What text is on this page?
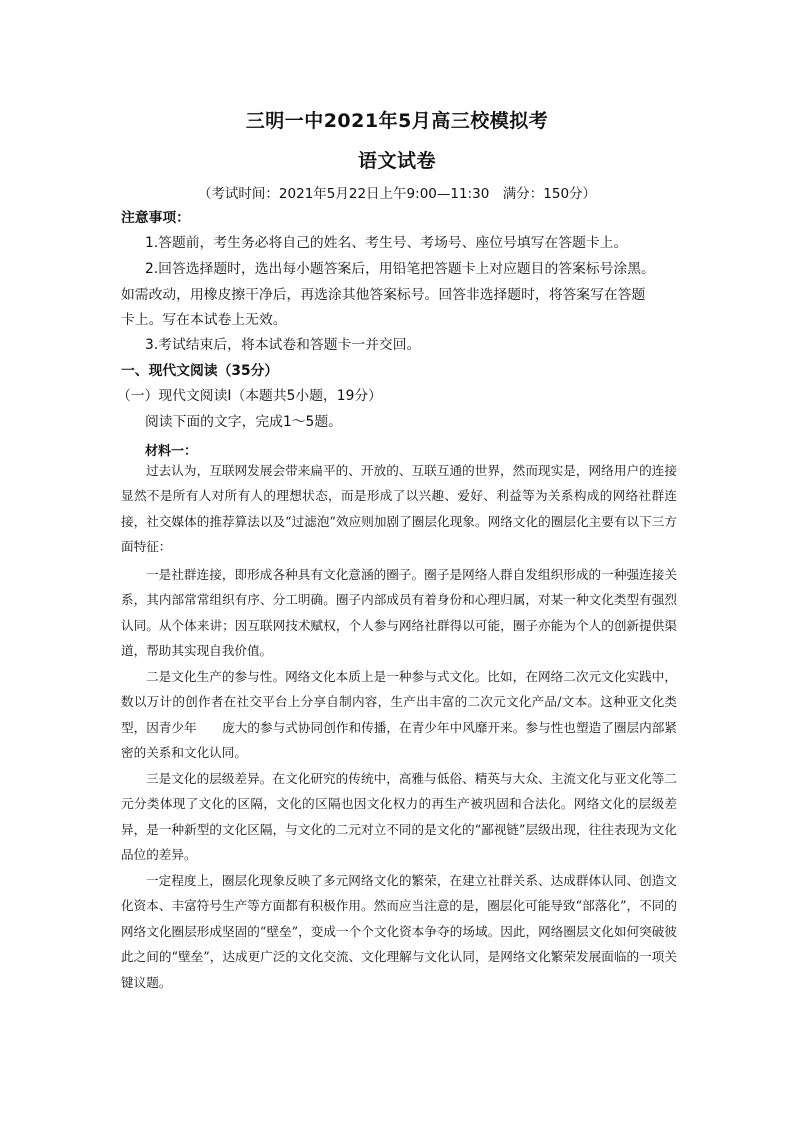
三明一中2021年5月高三校模拟考
语文试卷
（考试时间：2021年5月22日上午9:00—11:30　满分：150分）
注意事项：
1.答题前，考生务必将自己的姓名、考生号、考场号、座位号填写在答题卡上。
2.回答选择题时，选出每小题答案后，用铅笔把答题卡上对应题目的答案标号涂黑。
如需改动，用橡皮擦干净后，再选涂其他答案标号。回答非选择题时，将答案写在答题
卡上。写在本试卷上无效。
3.考试结束后，将本试卷和答题卡一并交回。
一、现代文阅读（35分）
（一）现代文阅读Ⅰ（本题共5小题，19分）
阅读下面的文字，完成1～5题。
材料一：

过去认为，互联网发展会带来扁平的、开放的、互联互通的世界，然而现实是，网络用户的连接显然不是所有人对所有人的理想状态，而是形成了以兴趣、爱好、利益等为关系构成的网络社群连接，社交媒体的推荐算法以及“过滤泡”效应则加剧了圈层化现象。网络文化的圈层化主要有以下三方面特征：

一是社群连接，即形成各种具有文化意涵的圈子。圈子是网络人群自发组织形成的一种强连接关系，其内部常常组织有序、分工明确。圈子内部成员有着身份和心理归属，对某一种文化类型有强烈认同。从个体来讲；因互联网技术赋权，个人参与网络社群得以可能，圈子亦能为个人的创新提供渠道，帮助其实现自我价值。

二是文化生产的参与性。网络文化本质上是一种参与式文化。比如，在网络二次元文化实践中，数以万计的创作者在社交平台上分享自制内容，生产出丰富的二次元文化产品/文本。这种亚文化类型，因青少年　　庞大的参与式协同创作和传播，在青少年中风靡开来。参与性也塑造了圈层内部紧密的关系和文化认同。

三是文化的层级差异。在文化研究的传统中，高雅与低俗、精英与大众、主流文化与亚文化等二元分类体现了文化的区隔，文化的区隔也因文化权力的再生产被巩固和合法化。网络文化的层级差异，是一种新型的文化区隔，与文化的二元对立不同的是文化的“鄙视链”层级出现，往往表现为文化品位的差异。

一定程度上，圈层化现象反映了多元网络文化的繁荣，在建立社群关系、达成群体认同、创造文化资本、丰富符号生产等方面都有积极作用。然而应当注意的是，圈层化可能导致“部落化”，不同的网络文化圈层形成坚固的“壁垒”，变成一个个文化资本争夺的场域。因此，网络圈层文化如何突破彼此之间的“壁垒”，达成更广泛的文化交流、文化理解与文化认同，是网络文化繁荣发展面临的一项关键议题。
